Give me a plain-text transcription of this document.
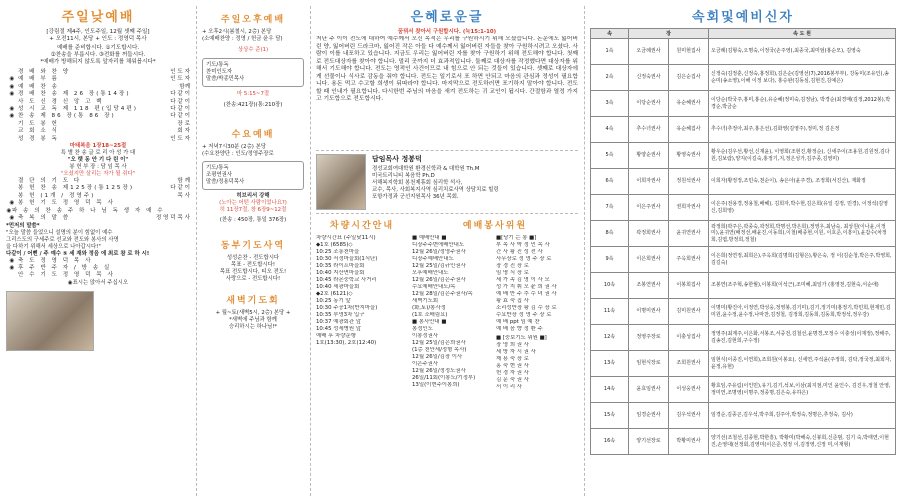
주일낮예배
[강림절 제4주, 인도주일, 12월 셋째 주일]
+ 오전11시, 본당 + 인도 : 정영덕 목사
예배를 준비합시다. ①기도합시다.
②찬송을 부릅시다. ③전화를 꺼둡시다.
*예배가 방해되지 않도록 앞자리를 채워봅시다*
경 배 와 찬 양	인 도 자
◉ 예 배 부 름	인 도 자
◉ 예 배 찬 송	함께
◉ 경 배 찬 송 제 26 장(통14장)	다 같 이
사 도 신 경 신 앙 고 백	다 같 이
◉ 성 시 교 독 제 118 편(입당4편)	다 같 이
◉ 찬 송 제 86 장(통 86 장)	다 같 이
기 도 봉 헌	장 로
교 회 소 식	회 자
성 경 봉 독	인 도 자
마태복음 1장18~25절
특 별 찬 송 글 로 리 아 성 가 대
"오 랫 동 안 기 다 린 이"
봉 헌 부 장 : 담 임 목 사
"오셨지만 살리는 자가 될 쥐다"
결 단 의 기 도 다	함 께
봉 헌 찬 송 제125장(통125장)	다 같 이
봉 헌 (1개 / 정영주)	목 사
◉ 봉 헌 기 도 정 영 덕 목 사
◉ 파 송 의 찬 송 주 하 나 님 독 생 자 예 수
◉ 축 복 의 말 씀	정 영 덕 목 사
*먼저의 말씀*
"오늘 말씀 들었으니 설명의 분이 힘없이 예수
그리스도의 구세주로 선교와 전도와 봉사의 사명
을 다하기 위해서 세상으로 나아갑시다!"
다같이 / 어뻔 / 주 예수 ⑤ 세 재와 정음 에 최로 참 로 하 시!
◉ 축 도 정 영 덕 목 사
◉ 후 주 반 주 자 / 방 송 실
안 수 기 도 정 영 덕 목 사
◉표시는 앉아서 주십시오
주일오후예배
+ 오후2시(봄철시, 2층) 본당
(소예배찬양 : 정영 / 헌금 윤우 담)
상상수 준(1)
기도/통독
찬미인도자
말씀/박종민목사
마 5:15~7절
(찬송:421장)(통:210장)
수요예배
+ 저녁7시30분 (2층) 본당
(수요찬양단 : 인도/정영주장로
기도/통독
조평연권사
말씀/정용덕목사
히브리서 강해
(노아는 어떤 사람이었나요?)
히 11장7절, 창 6장9~12절
(찬송 : 450장, 통일 376장)
동부기도사역
성성순찬 - 전도합시다
목표 - 전도합시다!
목표 전도합시다, 티오 전도!
사랑으로 - 전도합시다!
새벽기도회
+ 월~토(새벽5시, 2층) 본당 +
*새벽에 주님과 함께
승리하시는 하나님!*
은혜로운글
꿈꿔서 찾아서 구원합시다. (눅15:1-10)
저난 주 이이 전도에 대하여 예수께서 오신 목적은 우리를 구원하시기 위해 오셨습니다. 돈운에도 잃어버린 양, 잃어버린 드라크마, 잃어진 작은 아들 다 예수께서 잃어버린 자들을 찾아 구원하시려고 오셨다. 사람이 이를 내포하고 있습니다. 지금도 우리는 잃어버린 자를 찾아 구원하기 위해 전도해야 합니다. 첫째로 전도대상자를 찾아야 합니다. 멀리 곳까지 더 효과적입니다. 둘째로 대상자를 작정했다면 대상자를 위해서 기도해야 합니다. 전도는 영적인 사건이므로 내 힘으로 안 되는 것들이 있습니다. 셋째로 대상자에게 선물이나 식사로 감동을 줘야 합니다. 전도는 일기로서 포 하면 안되고 마음의 관심과 정성이 필요합니다. 용돈 먹고 수고할 희생이 뒤따라야 합니다. 마지막으로 전도하러면 포기하지 말아야 합니다. 전도할 때 인내가 필요합니다. 다시한번 주님의 마음을 새겨 전도하는 귀 교인이 됩시다. 간절함과 열정 가지고 기도합으로 전도합시다.
담임목사 정봉덕
경성교회여대학원 환경신학과 & 대학원 Th.M
미국트리니티 복음학 Ph.D
서해복지학회 봉천제휴회 심리학 석사,
교수, 목사, 사회복지사역 심리치료사역 상담치료 힐링
포항가정과 군선지원목사 36년 목회.
차량시간안내
차량시간표 (주일낮11시)
◆1호 (6585)◇
10:25 조롱천마을
10:30 서정마을회(1식단)
10:35 라이프마을회
10:40 지산면마을회
10:45 라몬중학교 사거리
10:40 세광마을회
◆2호 (6121)◇
10:25 동기 앞
10:30 주공1차(반지마을)
10:35 부영3차 입구
10:37 예광회관 앞
10:45 성세병원 앞
예배 후 차량운행
1호(13:30), 2호(12:40)
예배봉사위원
■ 예배안내 ■
디장주주변에배안내도
12월 26일/정영주권사
디장주예배안내도
12월 25일/김규인권사
오후예배안내도
12월 26일/김은주권사
수요예배안내도/목
12월 28일/김은주권사/목
새벽기도회
(화,토)/봉사정
(1호 소배림요)
■ 봉사안내 ■
봉정인도
이봉정권사
12월 25일/김은희권사
(1층 천안세/정형 목사)
12월 26일/김장 이사
이은주권사
12월 26일/정정도권사
26일/11회(이봉도/기정부)
13일(이현주이봉희)
■[당기 는 봉 ■]
부 목 사 박 정 민 목 사
간 사 황 진 성 전 사
사무장로 정 영 주 장 로
장 경 진 장 로
임 명 식 장 로
세 가 족 김 영 이 사 모
성 가 지 휘 오 윤 희 권 사
예 배 반 주 추 수 녀 권 사
황 효 숙 집 사
소리성반장 황 김 수 장 로
수요반장 정 영 주 장 로
예 배 ppt 임 예 찬
예 배 음 향 정 환 주
■ [중보기도 위원 ■]
장 영 희 권 사
세 방 자 시 권 사
제 용 숙 장 로
홍 숙 현 권 사
헌 경 자 권 사
김 문 숙 권 사
서 이 리 사
속회및예비신자
속	장		속 도 원
1속	오금례권사	원미현집사	오금례(김형숙,오명숙,이정국(손주영),최종국,최미엄(홍순모), 김영숙
2속	신정숙권사	김은순집사	신정숙(김정훈,신정숙,홍정희),김은순(김영선(7),2016봉부부), 강동미(조유인),송순미(송소영),이해 이정 보다), 홍승완(김동심,김현진,김예은)
3속	이당순권사	유순혜권사	이당순(박국주,홍미,홍순),유순혜(정미숙,김정남), 박경순(최경매(김정,2012봉),박경순,박금순
4속	추수녀권사	유순혜집사	추수녀(추정아,최주,홍은선),김화영(김영주),정미,정 김은정
5속	황양순권사	황영숙권사	황우순(김우선,황선,신재윤), 이영희(조현진,황정순), 신세주이(조용원,김원정,김다원,김보람),양지(이길숙,홍정기,지,정은성가,김주종,김영미)
6속	이희자권사	정원석권사	이희자(황정정,조민숙,천순이), 송은아(윤주경), 조정희(서진산), 재화정
7속	이은주권사	권희자권사	이은주(전용경,정용철,배혜), 김희자,박수현,김은희(유일 김정, 민경), 이정석(김영신,김희영)
8속	곽정희권사	윤귀연권사	곽정희(곽주은,곽종숙,곽정희,박명선,박은희),정영우,최남숙, 최상원(이나윤,이정미),윤귀연(배정선,배윤진,이동희),이철(배종현,이원, 이호준,이흥이),윤갑수(차정희,김엽,방정희,정철)
9속	이은희권사	주옥희권사	이은희(정연정,최희은),주옥희(김명희(김형은),황은숙, 정 이(김순청,박은주,박영희,김길숙)
10속	조봉연권사	이봉희집사	조봉연(조주혁,송한월),이봉희(이석근),조미혜,최일가 (홍영천,김현숙,서순애)
11속	이명미권사	김미원권사	이명미(황진아,이정연,박성웅,정영봉,김기미),김기,정기미(홍정기,박민희,현재민,김미원,윤수정,윤수정,나마찬,김정철, 김정희,김동희,김동희,박정석,정우강)
12속	정영주장로	이충성집사	정영주(최계주,이은화,서봉조,서중전,김철선,윤명경,모정수 이충성(이재정),정해주,김송진,김현희,구수정)
13속	임현식장로	조희원권사	임현식(이종진,이연희),조희원(이봉요), 신세연,주석윤(주정희, 김탁,정국정,최희자,윤정,유현)
14속	윤효임권사	이성웅권사	황효임,주유림(이인민),유기,김기,석보,이삼(최지점,미인 윤인수, 김진우,정철 안영,정미연,조명영(이명주,정종명,김은숙,유하은)
15속	임경순권사	김우석권사	임경순,김종곤,김우석,박주희,김주아,박정숙,정명은,추정숙, 김사)
16속	양기선장로	박황미권사	양기선(조철선,김종현,박한흥), 박황미(박해숙,신봉희,신준범, 김기 숙,박태연,이현진,손영대(선정회,김영미(이은준,정정 이,김정영,신정 미,이재형)
